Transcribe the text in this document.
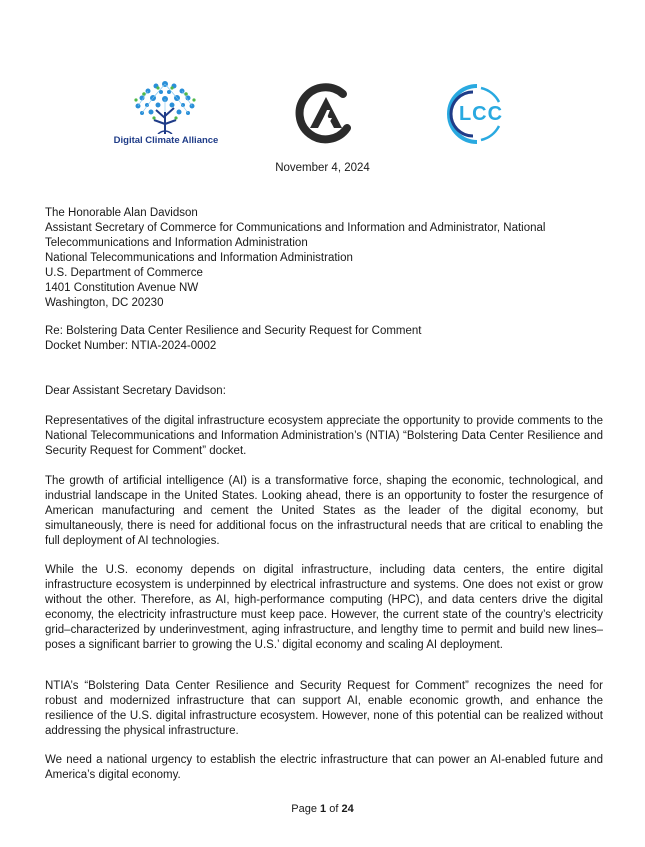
Digital Climate Alliance
LCC
November 4, 2024
The Honorable Alan Davidson
Assistant Secretary of Commerce for Communications and Information and Administrator, National
Telecommunications and Information Administration
National Telecommunications and Information Administration
U.S. Department of Commerce
1401 Constitution Avenue NW
Washington, DC 20230
Re: Bolstering Data Center Resilience and Security Request for Comment
Docket Number: NTIA-2024-0002
Dear Assistant Secretary Davidson:
Representatives of the digital infrastructure ecosystem appreciate the opportunity to provide comments to the National Telecommunications and Information Administration’s (NTIA) “Bolstering Data Center Resilience and Security Request for Comment” docket.
The growth of artificial intelligence (AI) is a transformative force, shaping the economic, technological, and industrial landscape in the United States. Looking ahead, there is an opportunity to foster the resurgence of American manufacturing and cement the United States as the leader of the digital economy, but simultaneously, there is need for additional focus on the infrastructural needs that are critical to enabling the full deployment of AI technologies.
While the U.S. economy depends on digital infrastructure, including data centers, the entire digital infrastructure ecosystem is underpinned by electrical infrastructure and systems. One does not exist or grow without the other. Therefore, as AI, high-performance computing (HPC), and data centers drive the digital economy, the electricity infrastructure must keep pace. However, the current state of the country’s electricity grid–characterized by underinvestment, aging infrastructure, and lengthy time to permit and build new lines–poses a significant barrier to growing the U.S.’ digital economy and scaling AI deployment.
NTIA’s “Bolstering Data Center Resilience and Security Request for Comment” recognizes the need for robust and modernized infrastructure that can support AI, enable economic growth, and enhance the resilience of the U.S. digital infrastructure ecosystem. However, none of this potential can be realized without addressing the physical infrastructure.
We need a national urgency to establish the electric infrastructure that can power an AI-enabled future and America’s digital economy.
Page 1 of 24
